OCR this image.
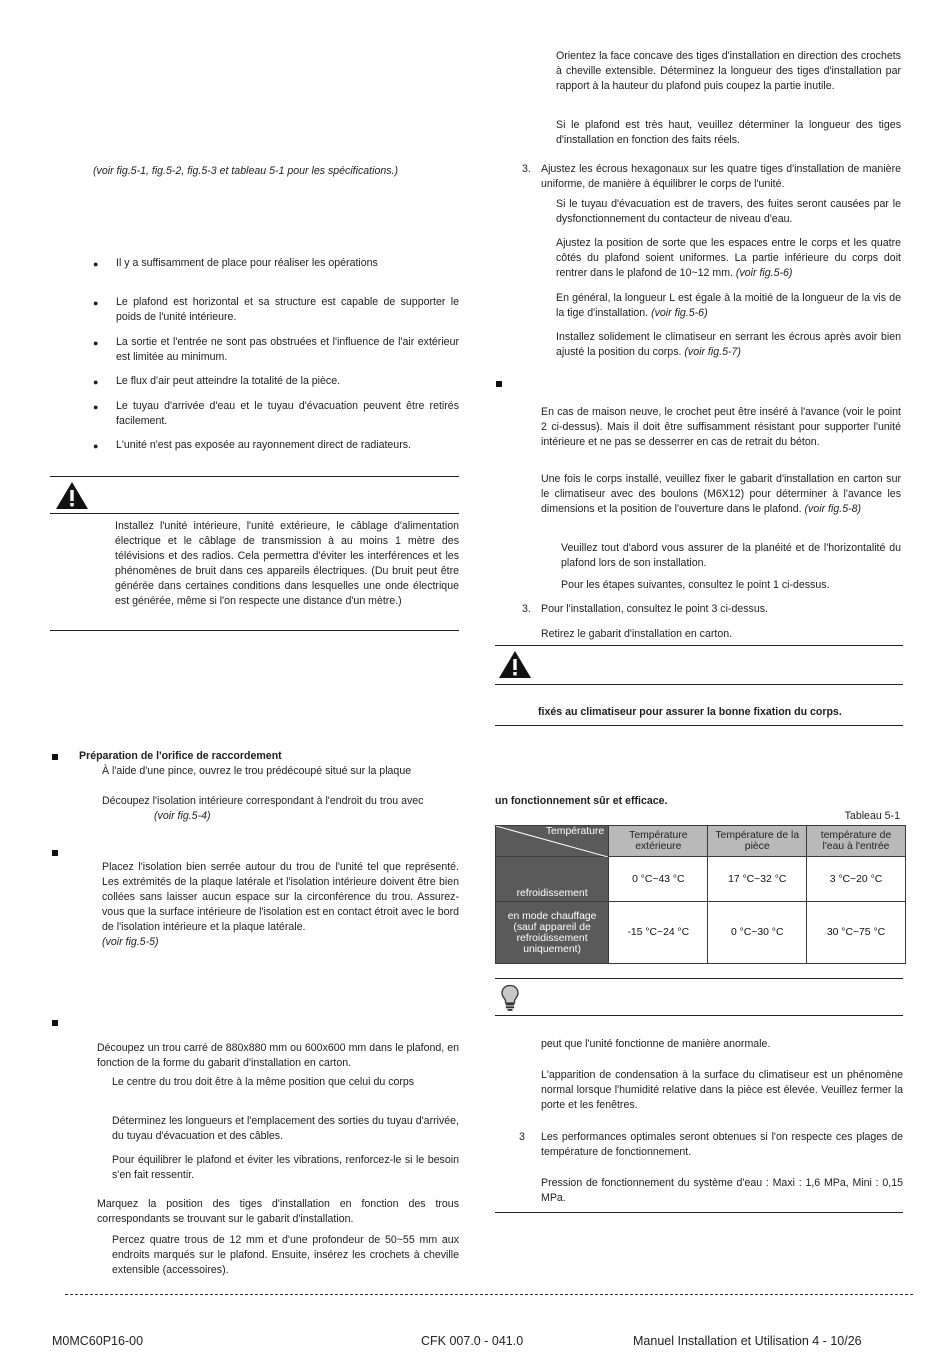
(voir fig.5-1, fig.5-2, fig.5-3 et tableau 5-1 pour les spécifications.)
● Il y a suffisamment de place pour réaliser les opérations
● Le plafond est horizontal et sa structure est capable de supporter le poids de l'unité intérieure.
● La sortie et l'entrée ne sont pas obstruées et l'influence de l'air extérieur est limitée au minimum.
● Le flux d'air peut atteindre la totalité de la pièce.
● Le tuyau d'arrivée d'eau et le tuyau d'évacuation peuvent être retirés facilement.
● L'unité n'est pas exposée au rayonnement direct de radiateurs.
Installez l'unité intérieure, l'unité extérieure, le câblage d'alimentation électrique et le câblage de transmission à au moins 1 mètre des télévisions et des radios. Cela permettra d'éviter les interférences et les phénomènes de bruit dans ces appareils électriques. (Du bruit peut être générée dans certaines conditions dans lesquelles une onde électrique est générée, même si l'on respecte une distance d'un mètre.)
Préparation de l'orifice de raccordement
À l'aide d'une pince, ouvrez le trou prédécoupé situé sur la plaque
Découpez l'isolation intérieure correspondant à l'endroit du trou avec
(voir fig.5-4)
Placez l'isolation bien serrée autour du trou de l'unité tel que représenté. Les extrémités de la plaque latérale et l'isolation intérieure doivent être bien collées sans laisser aucun espace sur la circonférence du trou. Assurez-vous que la surface intérieure de l'isolation est en contact étroit avec le bord de l'isolation intérieure et la plaque latérale.
(voir fig.5-5)
Découpez un trou carré de 880x880 mm ou 600x600 mm dans le plafond, en fonction de la forme du gabarit d'installation en carton.
Le centre du trou doit être à la même position que celui du corps
Déterminez les longueurs et l'emplacement des sorties du tuyau d'arrivée, du tuyau d'évacuation et des câbles.
Pour équilibrer le plafond et éviter les vibrations, renforcez-le si le besoin s'en fait ressentir.
Marquez la position des tiges d'installation en fonction des trous correspondants se trouvant sur le gabarit d'installation.
Percez quatre trous de 12 mm et d'une profondeur de 50~55 mm aux endroits marqués sur le plafond. Ensuite, insérez les crochets à cheville extensible (accessoires).
Orientez la face concave des tiges d'installation en direction des crochets à cheville extensible. Déterminez la longueur des tiges d'installation par rapport à la hauteur du plafond puis coupez la partie inutile.
Si le plafond est très haut, veuillez déterminer la longueur des tiges d'installation en fonction des faits réels.
3. Ajustez les écrous hexagonaux sur les quatre tiges d'installation de manière uniforme, de manière à équilibrer le corps de l'unité.
Si le tuyau d'évacuation est de travers, des fuites seront causées par le dysfonctionnement du contacteur de niveau d'eau.
Ajustez la position de sorte que les espaces entre le corps et les quatre côtés du plafond soient uniformes. La partie inférieure du corps doit rentrer dans le plafond de 10~12 mm. (voir fig.5-6)
En général, la longueur L est égale à la moitié de la longueur de la vis de la tige d'installation. (voir fig.5-6)
Installez solidement le climatiseur en serrant les écrous après avoir bien ajusté la position du corps. (voir fig.5-7)
En cas de maison neuve, le crochet peut être inséré à l'avance (voir le point 2 ci-dessus). Mais il doit être suffisamment résistant pour supporter l'unité intérieure et ne pas se desserrer en cas de retrait du béton.
Une fois le corps installé, veuillez fixer le gabarit d'installation en carton sur le climatiseur avec des boulons (M6X12) pour déterminer à l'avance les dimensions et la position de l'ouverture dans le plafond. (voir fig.5-8)
Veuillez tout d'abord vous assurer de la planéité et de l'horizontalité du plafond lors de son installation.
Pour les étapes suivantes, consultez le point 1 ci-dessus.
3. Pour l'installation, consultez le point 3 ci-dessus.
Retirez le gabarit d'installation en carton.
fixés au climatiseur pour assurer la bonne fixation du corps.
un fonctionnement sûr et efficace.
Tableau 5-1
Température	Température extérieure	Température de la pièce	température de l'eau à l'entrée
refroidissement	0 °C~43 °C	17 °C~32 °C	3 °C~20 °C
en mode chauffage (sauf appareil de refroidissement uniquement)	-15 °C~24 °C	0 °C~30 °C	30 °C~75 °C
peut que l'unité fonctionne de manière anormale.
L'apparition de condensation à la surface du climatiseur est un phénomène normal lorsque l'humidité relative dans la pièce est élevée. Veuillez fermer la porte et les fenêtres.
3 Les performances optimales seront obtenues si l'on respecte ces plages de température de fonctionnement.
Pression de fonctionnement du système d'eau : Maxi : 1,6 MPa, Mini : 0,15 MPa.
M0MC60P16-00	CFK 007.0 - 041.0	Manuel Installation et Utilisation 4 - 10/26
